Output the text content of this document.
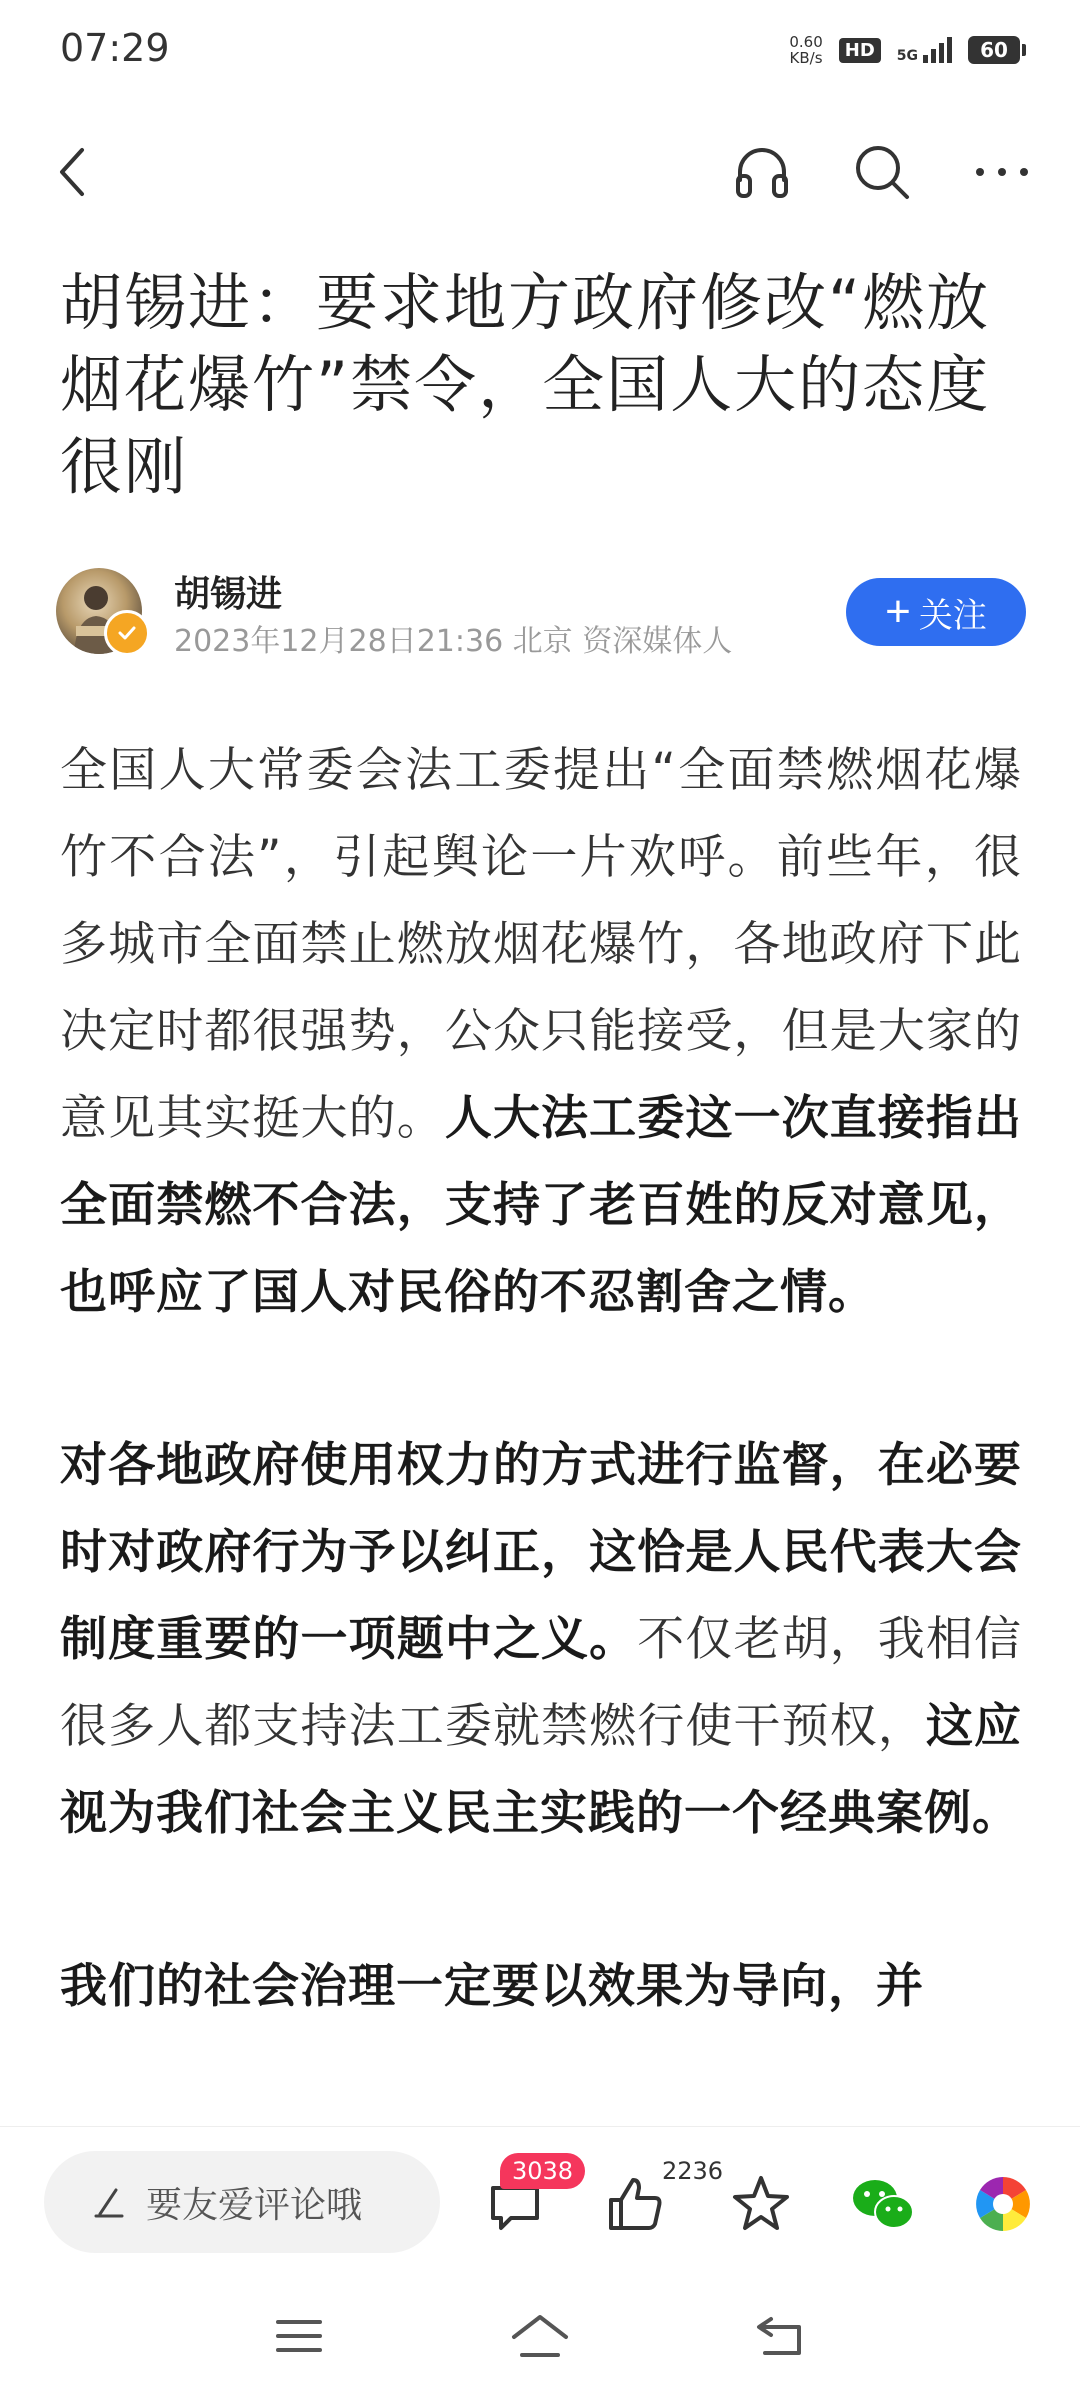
07:29	0.60
KB/s	HD	5G	60
胡锡进：要求地方政府修改“燃放烟花爆竹”禁令，全国人大的态度很刚
胡锡进
2023年12月28日21:36 北京 资深媒体人
+ 关注

全国人大常委会法工委提出“全面禁燃烟花爆竹不合法”，引起舆论一片欢呼。前些年，很多城市全面禁止燃放烟花爆竹，各地政府下此决定时都很强势，公众只能接受，但是大家的意见其实挺大的。人大法工委这一次直接指出全面禁燃不合法，支持了老百姓的反对意见，也呼应了国人对民俗的不忍割舍之情。

对各地政府使用权力的方式进行监督，在必要时对政府行为予以纠正，这恰是人民代表大会制度重要的一项题中之义。不仅老胡，我相信很多人都支持法工委就禁燃行使干预权，这应视为我们社会主义民主实践的一个经典案例。

我们的社会治理一定要以效果为导向，并

要友爱评论哦
3038	2236
